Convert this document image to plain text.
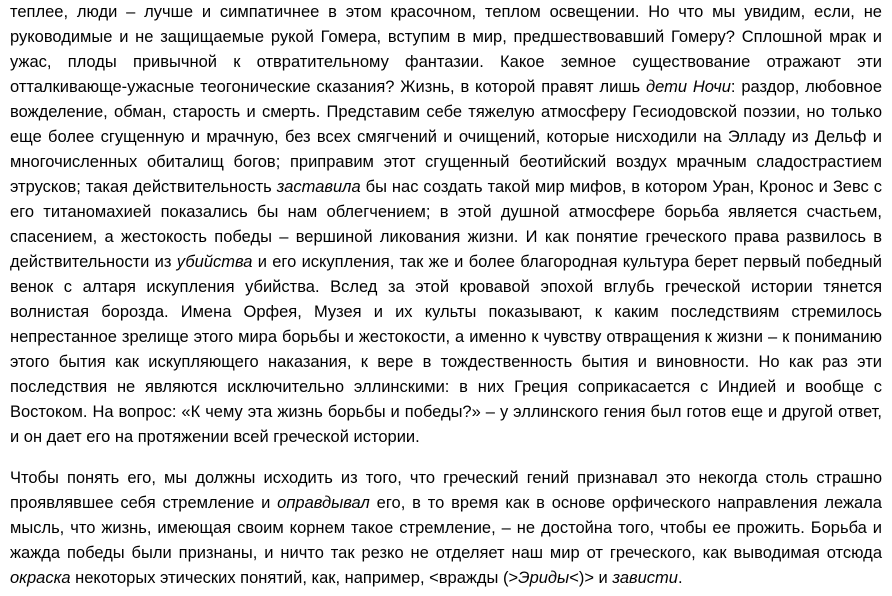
теплее, люди – лучше и симпатичнее в этом красочном, теплом освещении. Но что мы увидим, если, не руководимые и не защищаемые рукой Гомера, вступим в мир, предшествовавший Гомеру? Сплошной мрак и ужас, плоды привычной к отвратительному фантазии. Какое земное существование отражают эти отталкивающе-ужасные теогонические сказания? Жизнь, в которой правят лишь дети Ночи: раздор, любовное вожделение, обман, старость и смерть. Представим себе тяжелую атмосферу Гесиодовской поэзии, но только еще более сгущенную и мрачную, без всех смягчений и очищений, которые нисходили на Элладу из Дельф и многочисленных обиталищ богов; приправим этот сгущенный беотийский воздух мрачным сладострастием этрусков; такая действительность заставила бы нас создать такой мир мифов, в котором Уран, Кронос и Зевс с его титаномахией показались бы нам облегчением; в этой душной атмосфере борьба является счастьем, спасением, а жестокость победы – вершиной ликования жизни. И как понятие греческого права развилось в действительности из убийства и его искупления, так же и более благородная культура берет первый победный венок с алтаря искупления убийства. Вслед за этой кровавой эпохой вглубь греческой истории тянется волнистая борозда. Имена Орфея, Музея и их культы показывают, к каким последствиям стремилось непрестанное зрелище этого мира борьбы и жестокости, а именно к чувству отвращения к жизни – к пониманию этого бытия как искупляющего наказания, к вере в тождественность бытия и виновности. Но как раз эти последствия не являются исключительно эллинскими: в них Греция соприкасается с Индией и вообще с Востоком. На вопрос: «К чему эта жизнь борьбы и победы?» – у эллинского гения был готов еще и другой ответ, и он дает его на протяжении всей греческой истории.

Чтобы понять его, мы должны исходить из того, что греческий гений признавал это некогда столь страшно проявлявшее себя стремление и оправдывал его, в то время как в основе орфического направления лежала мысль, что жизнь, имеющая своим корнем такое стремление, – не достойна того, чтобы ее прожить. Борьба и жажда победы были признаны, и ничто так резко не отделяет наш мир от греческого, как выводимая отсюда окраска некоторых этических понятий, как, например, <вражды (>Эриды<)> и зависти.
